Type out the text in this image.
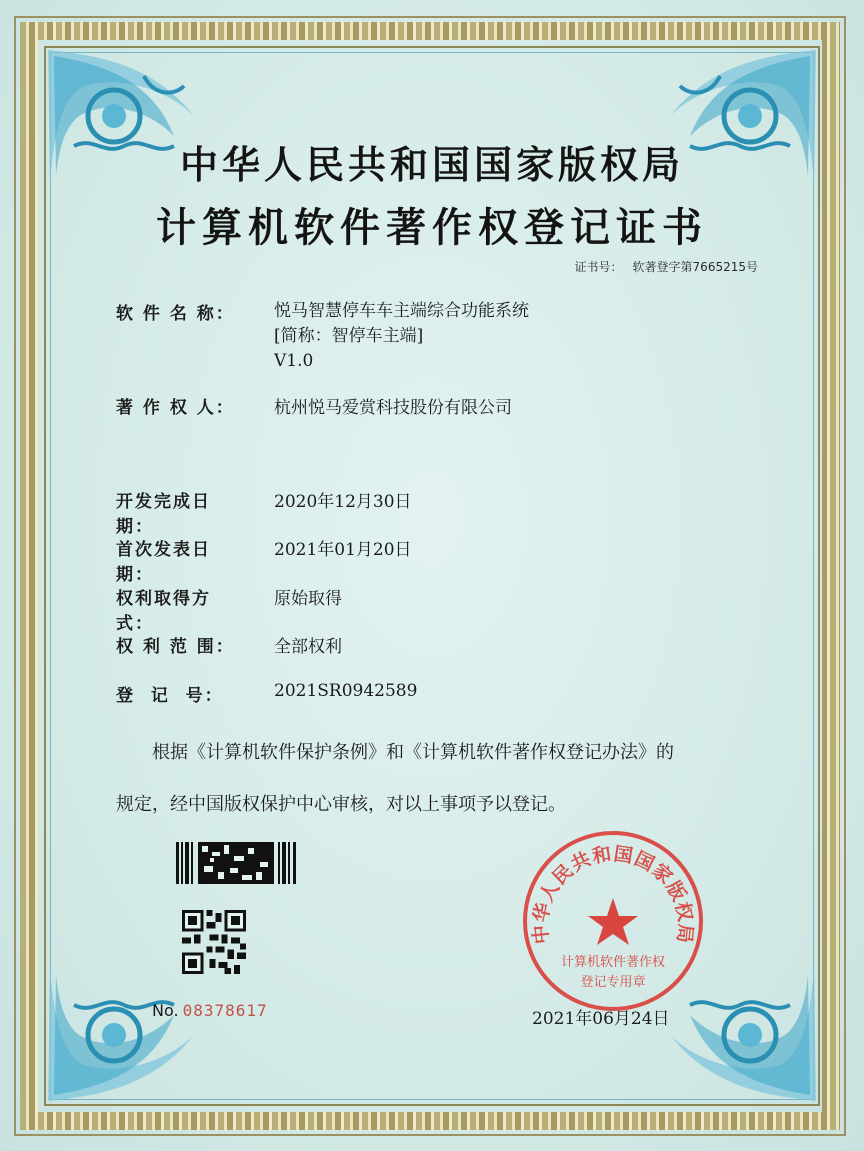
中华人民共和国国家版权局
计算机软件著作权登记证书
证书号： 软著登字第7665215号
软 件 名 称： 悦马智慧停车车主端综合功能系统
[简称：智停车主端]
V1.0
著 作 权 人： 杭州悦马爱赏科技股份有限公司
开发完成日期：
2020年12月30日
首次发表日期：
2021年01月20日
权利取得方式：
原始取得
权 利 范 围： 全部权利
登  记  号：	2021SR0942589
根据《计算机软件保护条例》和《计算机软件著作权登记办法》的
规定，经中国版权保护中心审核，对以上事项予以登记。
No. 08378617
中华人民共和国国家版权局
计算机软件著作权
登记专用章
2021年06月24日
